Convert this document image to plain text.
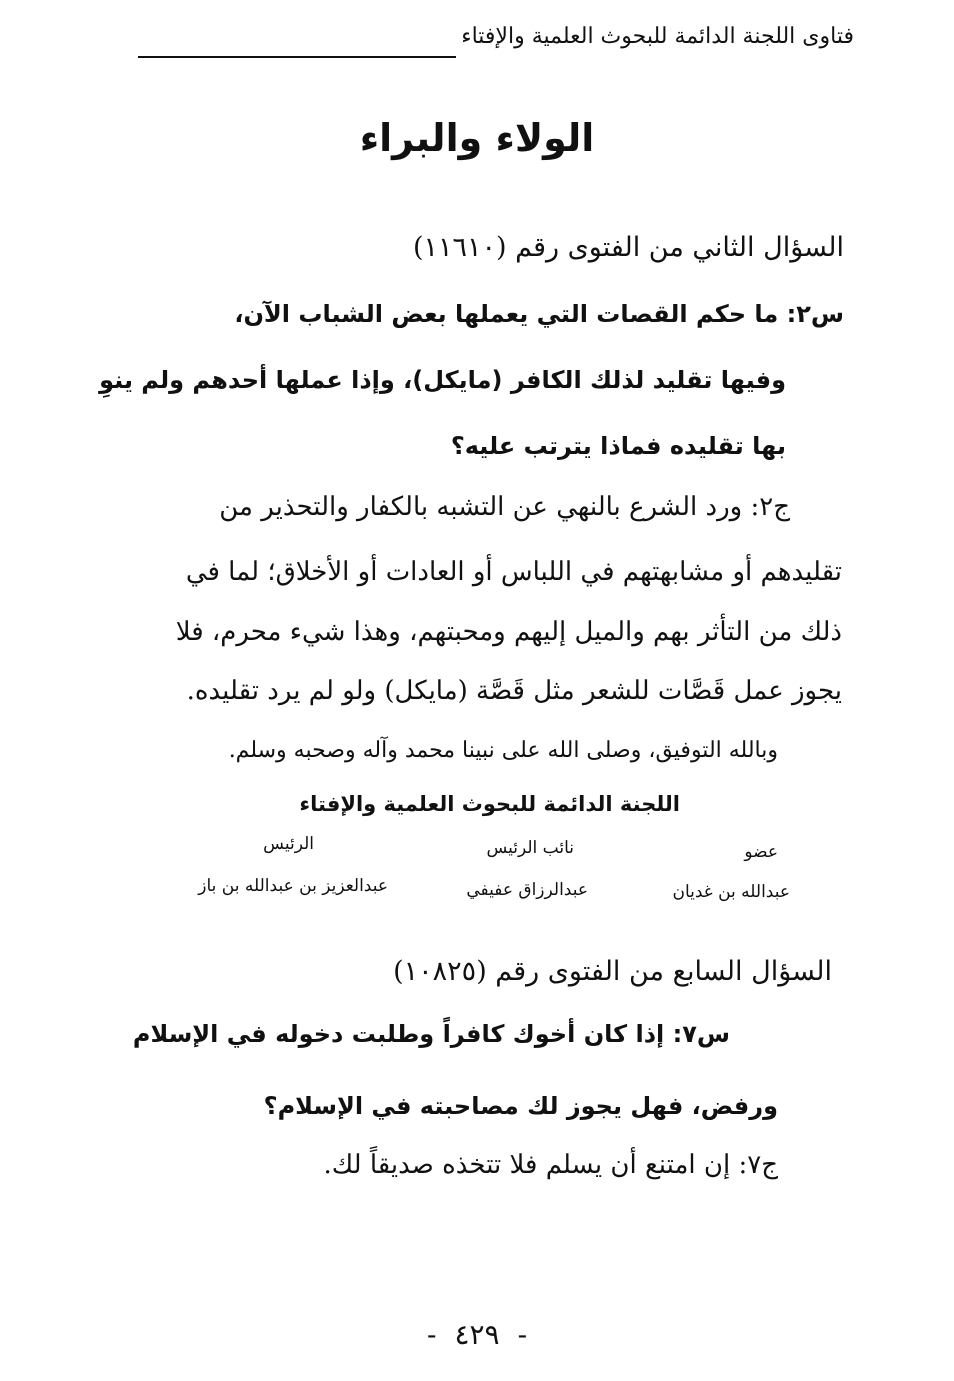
فتاوى اللجنة الدائمة للبحوث العلمية والإفتاء
الولاء والبراء
السؤال الثاني من الفتوى رقم (١١٦١٠)
س٢: ما حكم القصات التي يعملها بعض الشباب الآن،
وفيها تقليد لذلك الكافر (مايكل)، وإذا عملها أحدهم ولم ينوِ
بها تقليده فماذا يترتب عليه؟
ج٢: ورد الشرع بالنهي عن التشبه بالكفار والتحذير من
تقليدهم أو مشابهتهم في اللباس أو العادات أو الأخلاق؛ لما في
ذلك من التأثر بهم والميل إليهم ومحبتهم، وهذا شيء محرم، فلا
يجوز عمل قَصَّات للشعر مثل قَصَّة (مايكل) ولو لم يرد تقليده.
وبالله التوفيق، وصلى الله على نبينا محمد وآله وصحبه وسلم.
اللجنة الدائمة للبحوث العلمية والإفتاء
الرئيس	نائب الرئيس	عضو
عبدالعزيز بن عبدالله بن باز	عبدالرزاق عفيفي	عبدالله بن غديان
السؤال السابع من الفتوى رقم (١٠٨٢٥)
س٧: إذا كان أخوك كافراً وطلبت دخوله في الإسلام
ورفض، فهل يجوز لك مصاحبته في الإسلام؟
ج٧: إن امتنع أن يسلم فلا تتخذه صديقاً لك.
- ٤٢٩ -
